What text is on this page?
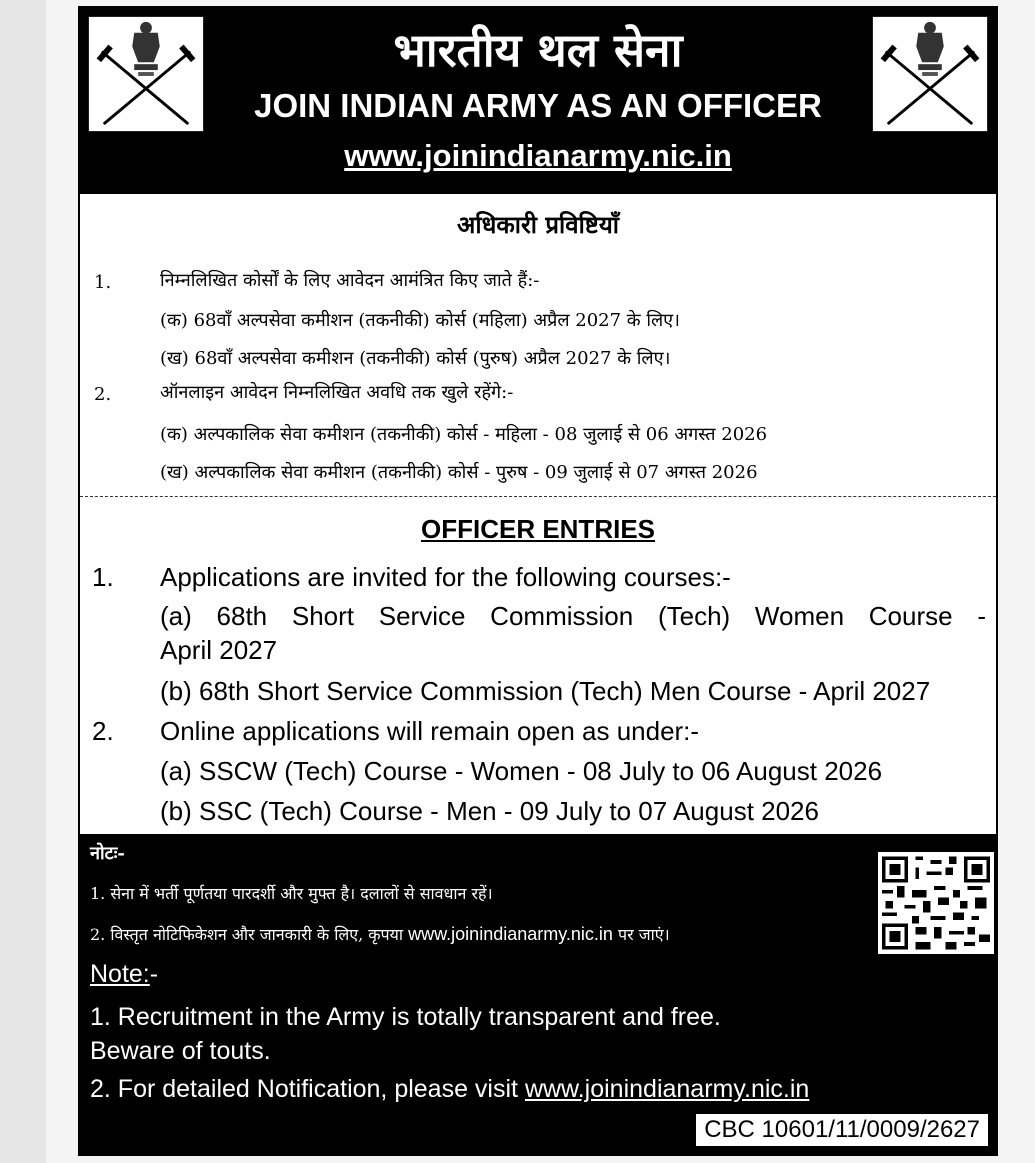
भारतीय थल सेना
JOIN INDIAN ARMY AS AN OFFICER
www.joinindianarmy.nic.in
अधिकारी प्रविष्टियाँ
1.	निम्नलिखित कोर्सों के लिए आवेदन आमंत्रित किए जाते हैं:-
(क) 68वाँ अल्पसेवा कमीशन (तकनीकी) कोर्स (महिला) अप्रैल 2027 के लिए।
(ख) 68वाँ अल्पसेवा कमीशन (तकनीकी) कोर्स (पुरुष) अप्रैल 2027 के लिए।
2.	ऑनलाइन आवेदन निम्नलिखित अवधि तक खुले रहेंगे:-
(क) अल्पकालिक सेवा कमीशन (तकनीकी) कोर्स - महिला - 08 जुलाई से 06 अगस्त 2026
(ख) अल्पकालिक सेवा कमीशन (तकनीकी) कोर्स - पुरुष - 09 जुलाई से 07 अगस्त 2026
OFFICER ENTRIES
1. Applications are invited for the following courses:-
(a) 68th Short Service Commission (Tech) Women Course -
April 2027
(b) 68th Short Service Commission (Tech) Men Course - April 2027
2. Online applications will remain open as under:-
(a) SSCW (Tech) Course - Women - 08 July to 06 August 2026
(b) SSC (Tech) Course - Men - 09 July to 07 August 2026
नोटः-
1. सेना में भर्ती पूर्णतया पारदर्शी और मुफ्त है। दलालों से सावधान रहें।
2. विस्तृत नोटिफिकेशन और जानकारी के लिए, कृपया www.joinindianarmy.nic.in पर जाएं।
Note:-
1. Recruitment in the Army is totally transparent and free.
Beware of touts.
2. For detailed Notification, please visit www.joinindianarmy.nic.in
CBC 10601/11/0009/2627
